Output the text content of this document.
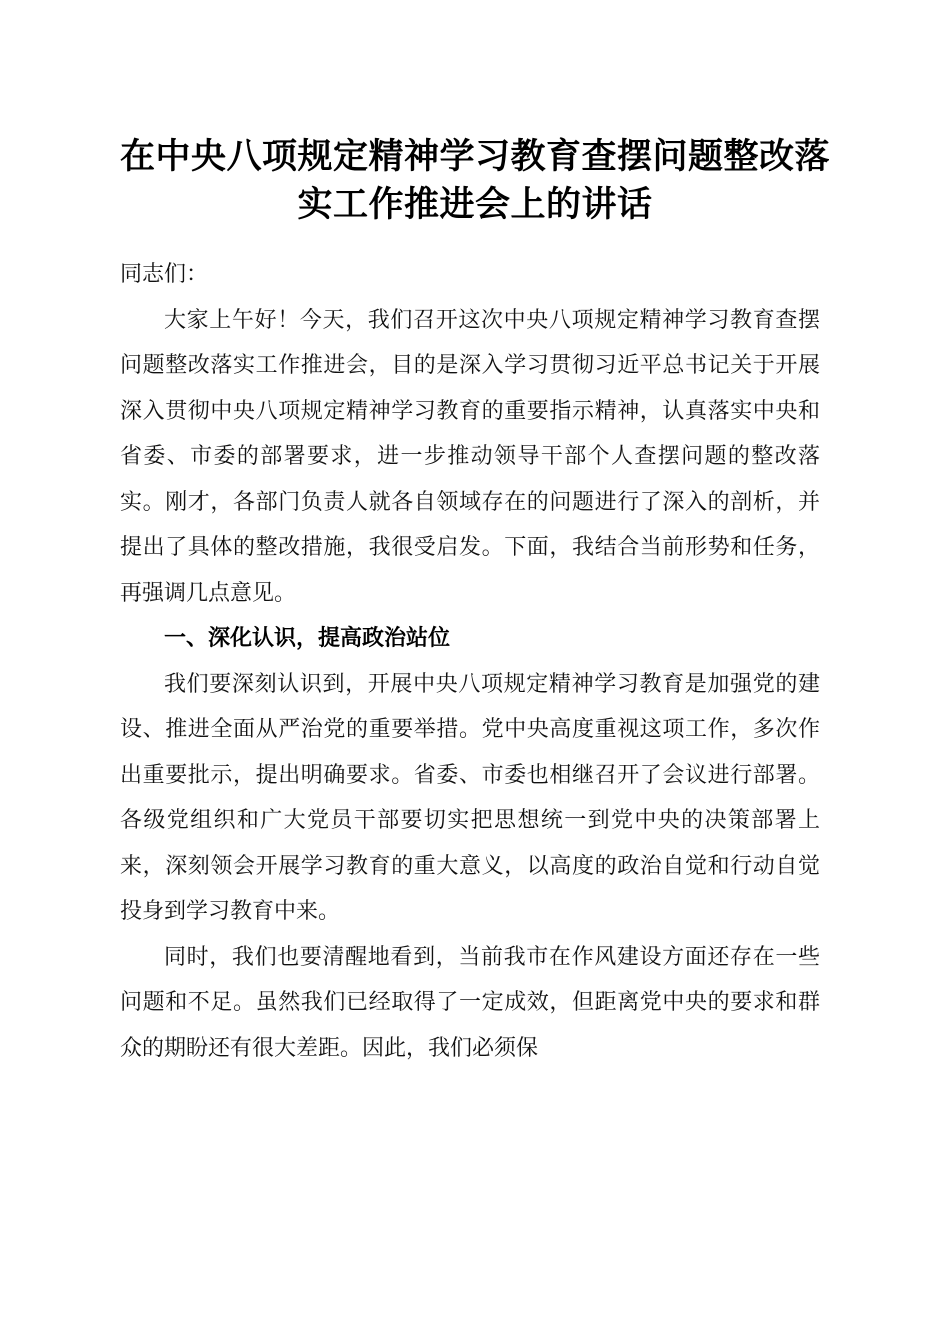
在中央八项规定精神学习教育查摆问题整改落实工作推进会上的讲话

同志们：

大家上午好！今天，我们召开这次中央八项规定精神学习教育查摆问题整改落实工作推进会，目的是深入学习贯彻习近平总书记关于开展深入贯彻中央八项规定精神学习教育的重要指示精神，认真落实中央和省委、市委的部署要求，进一步推动领导干部个人查摆问题的整改落实。刚才，各部门负责人就各自领域存在的问题进行了深入的剖析，并提出了具体的整改措施，我很受启发。下面，我结合当前形势和任务，再强调几点意见。

一、深化认识，提高政治站位

我们要深刻认识到，开展中央八项规定精神学习教育是加强党的建设、推进全面从严治党的重要举措。党中央高度重视这项工作，多次作出重要批示，提出明确要求。省委、市委也相继召开了会议进行部署。各级党组织和广大党员干部要切实把思想统一到党中央的决策部署上来，深刻领会开展学习教育的重大意义，以高度的政治自觉和行动自觉投身到学习教育中来。

同时，我们也要清醒地看到，当前我市在作风建设方面还存在一些问题和不足。虽然我们已经取得了一定成效，但距离党中央的要求和群众的期盼还有很大差距。因此，我们必须保
